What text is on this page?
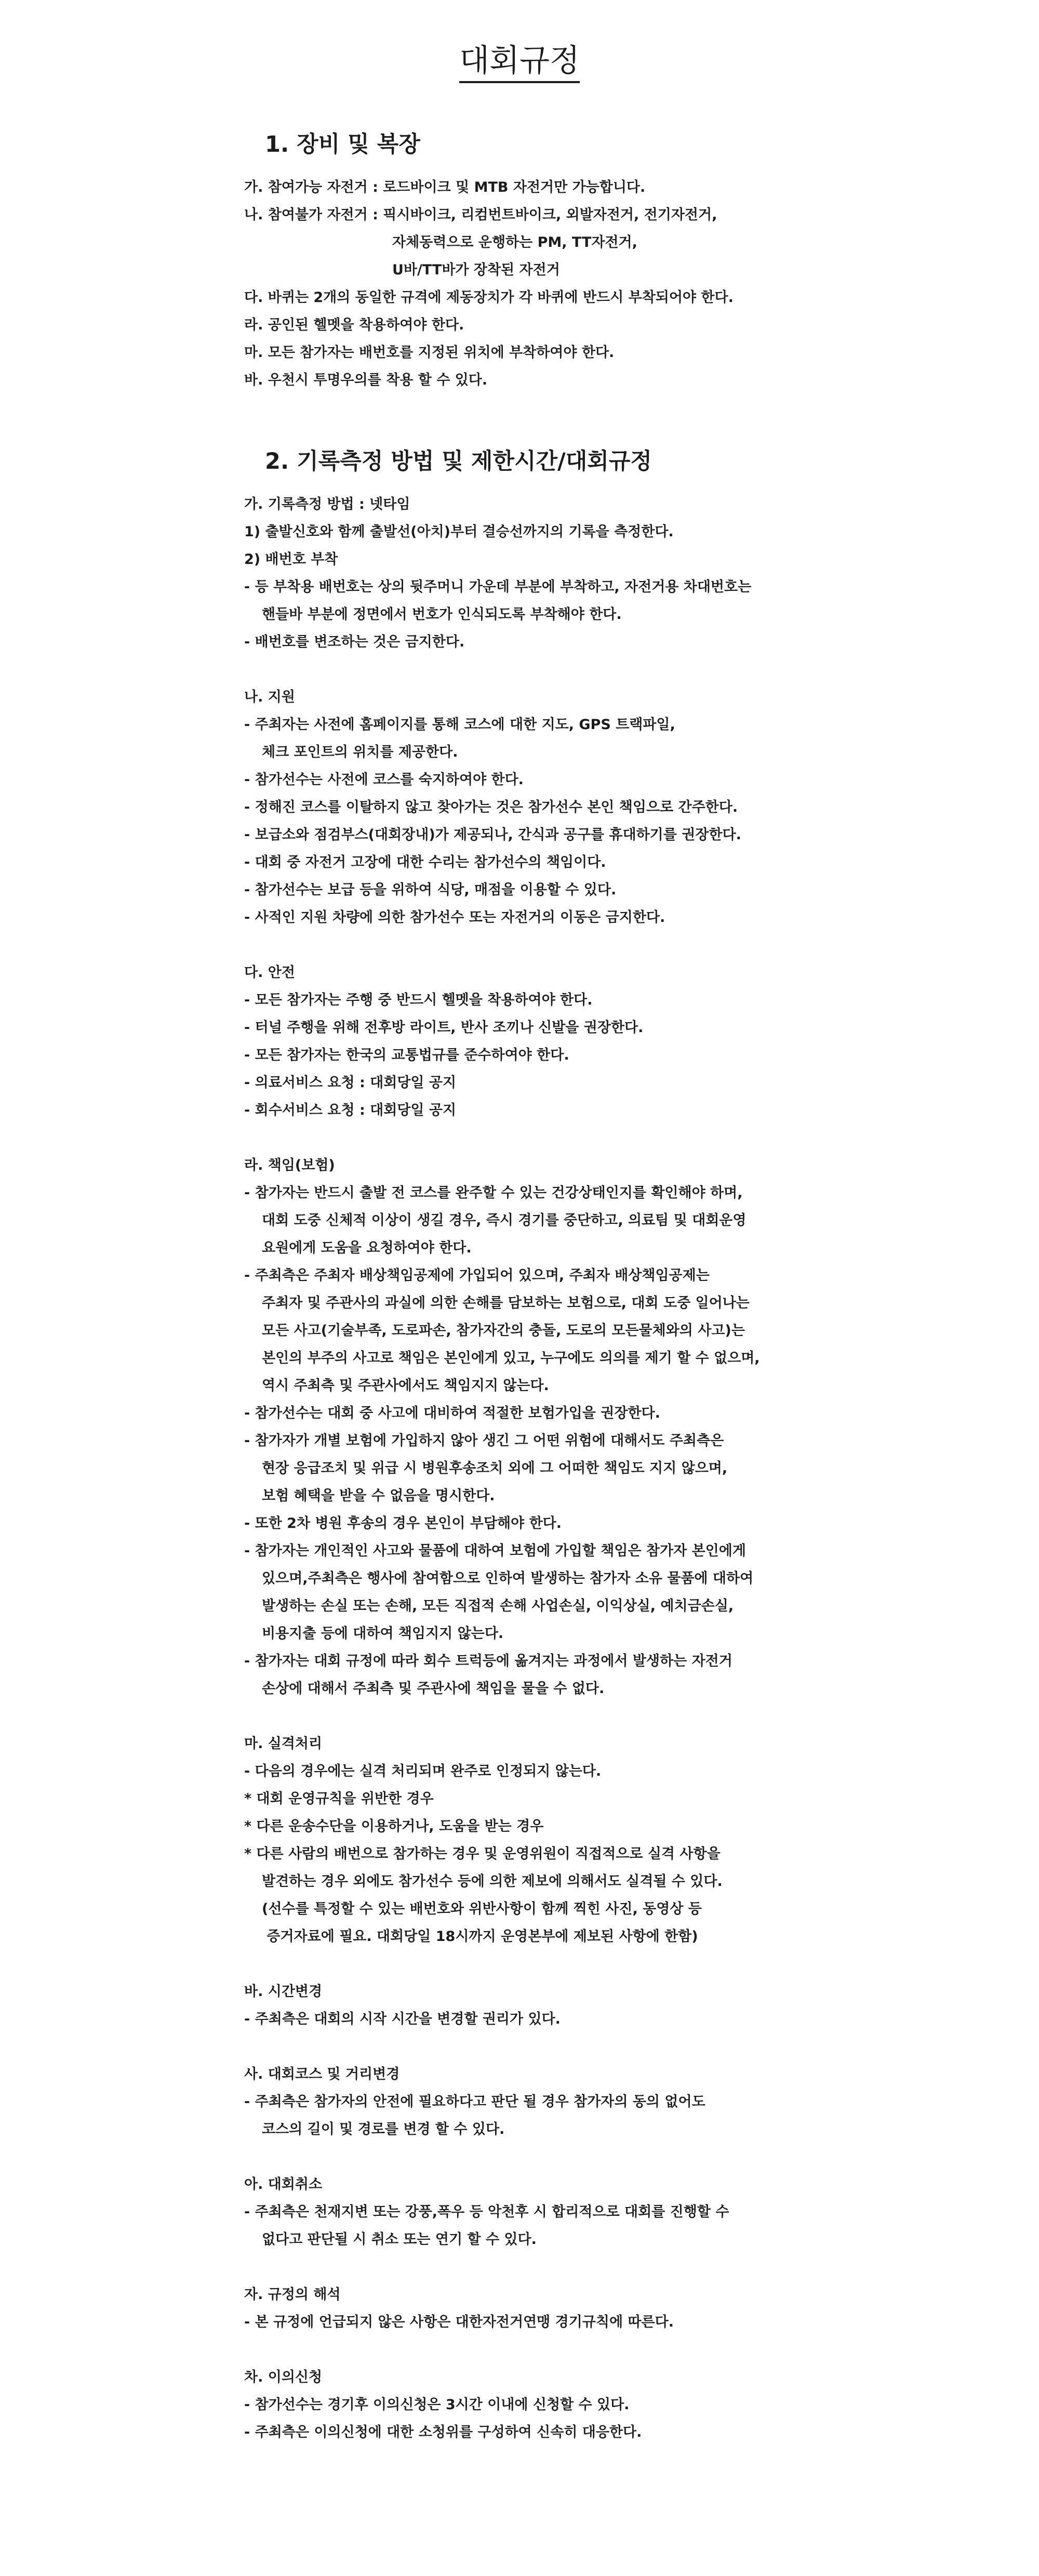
대회규정
1. 장비 및 복장

가. 참여가능 자전거 : 로드바이크 및 MTB 자전거만 가능합니다.

나. 참여불가 자전거 : 픽시바이크, 리컴번트바이크, 외발자전거, 전기자전거,

자체동력으로 운행하는 PM, TT자전거,

U바/TT바가 장착된 자전거

다. 바퀴는 2개의 동일한 규격에 제동장치가 각 바퀴에 반드시 부착되어야 한다.

라. 공인된 헬멧을 착용하여야 한다.

마. 모든 참가자는 배번호를 지정된 위치에 부착하여야 한다.

바. 우천시 투명우의를 착용 할 수 있다.

2. 기록측정 방법 및 제한시간/대회규정

가. 기록측정 방법 : 넷타임

1) 출발신호와 함께 출발선(아치)부터 결승선까지의 기록을 측정한다.

2) 배번호 부착

- 등 부착용 배번호는 상의 뒷주머니 가운데 부분에 부착하고, 자전거용 차대번호는

핸들바 부분에 정면에서 번호가 인식되도록 부착해야 한다.

- 배번호를 변조하는 것은 금지한다.

나. 지원

- 주최자는 사전에 홈페이지를 통해 코스에 대한 지도, GPS 트랙파일,

체크 포인트의 위치를 제공한다.

- 참가선수는 사전에 코스를 숙지하여야 한다.

- 정해진 코스를 이탈하지 않고 찾아가는 것은 참가선수 본인 책임으로 간주한다.

- 보급소와 점검부스(대회장내)가 제공되나, 간식과 공구를 휴대하기를 권장한다.

- 대회 중 자전거 고장에 대한 수리는 참가선수의 책임이다.

- 참가선수는 보급 등을 위하여 식당, 매점을 이용할 수 있다.

- 사적인 지원 차량에 의한 참가선수 또는 자전거의 이동은 금지한다.

다. 안전

- 모든 참가자는 주행 중 반드시 헬멧을 착용하여야 한다.

- 터널 주행을 위해 전후방 라이트, 반사 조끼나 신발을 권장한다.

- 모든 참가자는 한국의 교통법규를 준수하여야 한다.

- 의료서비스 요청 : 대회당일 공지

- 회수서비스 요청 : 대회당일 공지

라. 책임(보험)

- 참가자는 반드시 출발 전 코스를 완주할 수 있는 건강상태인지를 확인해야 하며,

대회 도중 신체적 이상이 생길 경우, 즉시 경기를 중단하고, 의료팀 및 대회운영

요원에게 도움을 요청하여야 한다.

- 주최측은 주최자 배상책임공제에 가입되어 있으며, 주최자 배상책임공제는

주최자 및 주관사의 과실에 의한 손해를 담보하는 보험으로, 대회 도중 일어나는

모든 사고(기술부족, 도로파손, 참가자간의 충돌, 도로의 모든물체와의 사고)는

본인의 부주의 사고로 책임은 본인에게 있고, 누구에도 의의를 제기 할 수 없으며,

역시 주최측 및 주관사에서도 책임지지 않는다.

- 참가선수는 대회 중 사고에 대비하여 적절한 보험가입을 권장한다.

- 참가자가 개별 보험에 가입하지 않아 생긴 그 어떤 위험에 대해서도 주최측은

현장 응급조치 및 위급 시 병원후송조치 외에 그 어떠한 책임도 지지 않으며,

보험 혜택을 받을 수 없음을 명시한다.

- 또한 2차 병원 후송의 경우 본인이 부담해야 한다.

- 참가자는 개인적인 사고와 물품에 대하여 보험에 가입할 책임은 참가자 본인에게

있으며,주최측은 행사에 참여함으로 인하여 발생하는 참가자 소유 물품에 대하여

발생하는 손실 또는 손해, 모든 직접적 손해 사업손실, 이익상실, 예치금손실,

비용지출 등에 대하여 책임지지 않는다.

- 참가자는 대회 규정에 따라 회수 트럭등에 옮겨지는 과정에서 발생하는 자전거

손상에 대해서 주최측 및 주관사에 책임을 물을 수 없다.

마. 실격처리

- 다음의 경우에는 실격 처리되며 완주로 인정되지 않는다.

* 대회 운영규칙을 위반한 경우

* 다른 운송수단을 이용하거나, 도움을 받는 경우

* 다른 사람의 배번으로 참가하는 경우 및 운영위원이 직접적으로 실격 사항을

발견하는 경우 외에도 참가선수 등에 의한 제보에 의해서도 실격될 수 있다.

(선수를 특정할 수 있는 배번호와 위반사항이 함께 찍힌 사진, 동영상 등

증거자료에 필요. 대회당일 18시까지 운영본부에 제보된 사항에 한함)

바. 시간변경

- 주최측은 대회의 시작 시간을 변경할 권리가 있다.

사. 대회코스 및 거리변경

- 주최측은 참가자의 안전에 필요하다고 판단 될 경우 참가자의 동의 없어도

코스의 길이 및 경로를 변경 할 수 있다.

아. 대회취소

- 주최측은 천재지변 또는 강풍,폭우 등 악천후 시 합리적으로 대회를 진행할 수

없다고 판단될 시 취소 또는 연기 할 수 있다.

자. 규정의 해석

- 본 규정에 언급되지 않은 사항은 대한자전거연맹 경기규칙에 따른다.

차. 이의신청

- 참가선수는 경기후 이의신청은 3시간 이내에 신청할 수 있다.

- 주최측은 이의신청에 대한 소청위를 구성하여 신속히 대응한다.
